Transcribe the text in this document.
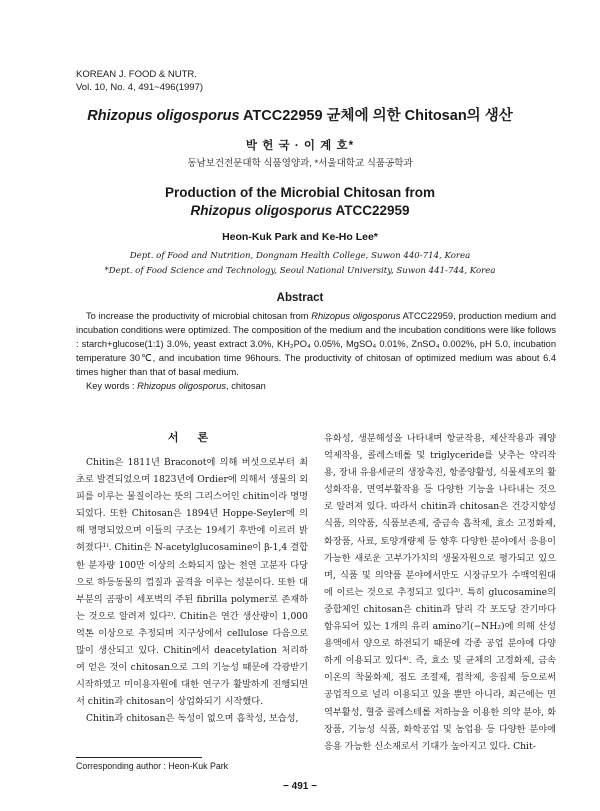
KOREAN J. FOOD & NUTR.
Vol. 10, No. 4, 491~496(1997)
Rhizopus oligosporus ATCC22959 균체에 의한 Chitosan의 생산
박 헌 국 · 이 계 호*
동남보건전문대학 식품영양과, *서울대학교 식품공학과
Production of the Microbial Chitosan from
Rhizopus oligosporus ATCC22959
Heon-Kuk Park and Ke-Ho Lee*
Dept. of Food and Nutrition, Dongnam Health College, Suwon 440-714, Korea
*Dept. of Food Science and Technology, Seoul National University, Suwon 441-744, Korea
Abstract

To increase the productivity of microbial chitosan from Rhizopus oligosporus ATCC22959, production medium and incubation conditions were optimized. The composition of the medium and the incubation conditions were like follows : starch+glucose(1:1) 3.0%, yeast extract 3.0%, KH₂PO₄ 0.05%, MgSO₄ 0.01%, ZnSO₄ 0.002%, pH 5.0, incubation temperature 30℃, and incubation time 96hours. The productivity of chitosan of optimized medium was about 6.4 times higher than that of basal medium.

Key words : Rhizopus oligosporus, chitosan

서 론

Chitin은 1811년 Braconot에 의해 버섯으로부터 최초로 발견되었으며 1823년에 Ordier에 의해서 생물의 외피를 이루는 물질이라는 뜻의 그리스어인 chitin이라 명명되었다. 또한 Chitosan은 1894년 Hoppe-Seyler에 의해 명명되었으며 이들의 구조는 19세기 후반에 이르러 밝혀졌다¹⁾. Chitin은 N-acetylglucosamine이 β-1,4 결합한 분자량 100만 이상의 소화되지 않는 천연 고분자 다당으로 하등동물의 껍질과 골격을 이루는 성분이다. 또한 대부분의 곰팡이 세포벽의 주된 fibrilla polymer로 존재하는 것으로 알려져 있다²⁾. Chitin은 연간 생산량이 1,000억톤 이상으로 추정되며 지구상에서 cellulose 다음으로 많이 생산되고 있다. Chitin에서 deacetylation 처리하여 얻은 것이 chitosan으로 그의 기능성 때문에 각광받기 시작하였고 미이용자원에 대한 연구가 활발하게 진행되면서 chitin과 chitosan이 상업화되기 시작했다.

Chitin과 chitosan은 독성이 없으며 흡착성, 보습성,

유화성, 생분해성을 나타내며 항균작용, 제산작용과 궤양억제작용, 콜레스테롤 및 triglyceride를 낮추는 약리작용, 장내 유용세균의 생장촉진, 항종양활성, 식물세포의 활성화작용, 면역부활작용 등 다양한 기능을 나타내는 것으로 알려져 있다. 따라서 chitin과 chitosan은 건강지향성 식품, 의약품, 식품보존제, 중금속 흡착제, 효소 고정화제, 화장품, 사료, 토양개량제 등 향후 다양한 분야에서 응용이 가능한 새로운 고부가가치의 생물자원으로 평가되고 있으며, 식품 및 의약품 분야에서만도 시장규모가 수백억원대에 이르는 것으로 추정되고 있다³⁾. 특히 glucosamine의 중합체인 chitosan은 chitin과 달리 각 포도당 잔기마다 함유되어 있는 1개의 유리 amino기(−NH₂)에 의해 산성 용액에서 양으로 하전되기 때문에 각종 공업 분야에 다양하게 이용되고 있다⁴⁾. 즉, 효소 및 균체의 고정화제, 금속 이온의 착물화제, 점도 조절제, 접착제, 응집제 등으로써 공업적으로 널리 이용되고 있을 뿐만 아니라, 최근에는 면역부활성, 혈중 콜레스테롤 저하능을 이용한 의약 분야, 화장품, 기능성 식품, 화학공업 및 농업용 등 다양한 분야에 응용 가능한 신소재로서 기대가 높아지고 있다. Chit-

Corresponding author : Heon-Kuk Park
− 491 −
